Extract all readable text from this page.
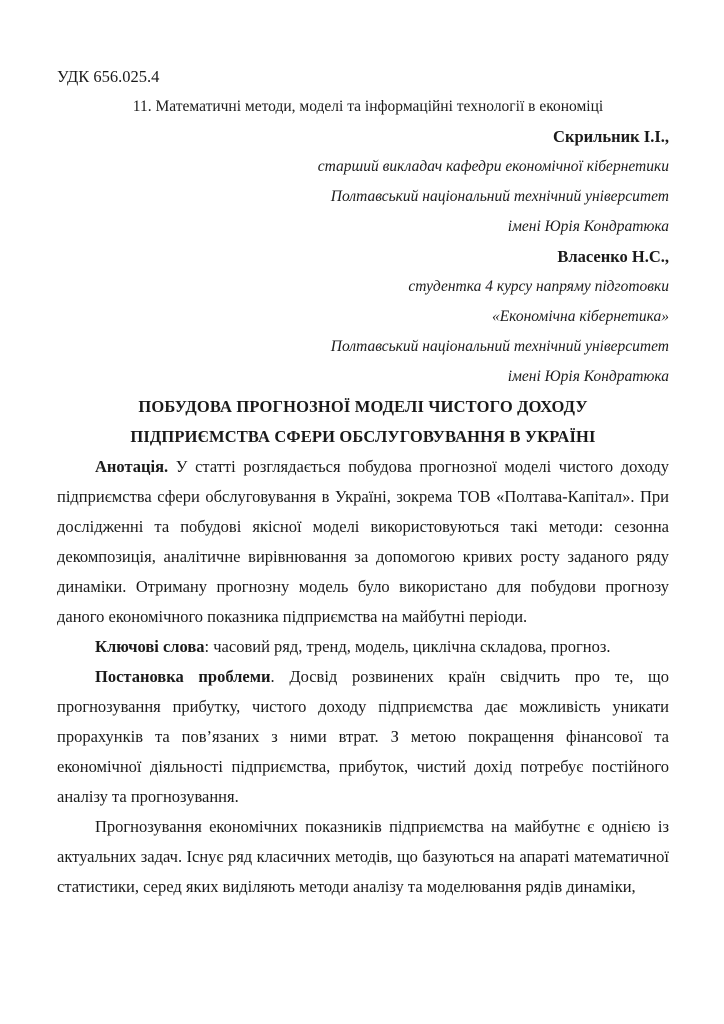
УДК 656.025.4
11. Математичні методи, моделі та інформаційні технології в економіці
Скрильник І.І.,
старший викладач кафедри економічної кібернетики
Полтавський національний технічний університет
імені Юрія Кондратюка
Власенко Н.С.,
студентка 4 курсу напряму підготовки
«Економічна кібернетика»
Полтавський національний технічний університет
імені Юрія Кондратюка
ПОБУДОВА ПРОГНОЗНОЇ МОДЕЛІ ЧИСТОГО ДОХОДУ
ПІДПРИЄМСТВА СФЕРИ ОБСЛУГОВУВАННЯ В УКРАЇНІ

Анотація. У статті розглядається побудова прогнозної моделі чистого доходу підприємства сфери обслуговування в Україні, зокрема ТОВ «Полтава-Капітал». При дослідженні та побудові якісної моделі використовуються такі методи: сезонна декомпозиція, аналітичне вирівнювання за допомогою кривих росту заданого ряду динаміки. Отриману прогнозну модель було використано для побудови прогнозу даного економічного показника підприємства на майбутні періоди.

Ключові слова: часовий ряд, тренд, модель, циклічна складова, прогноз.

Постановка проблеми. Досвід розвинених країн свідчить про те, що прогнозування прибутку, чистого доходу підприємства дає можливість уникати прорахунків та пов’язаних з ними втрат. З метою покращення фінансової та економічної діяльності підприємства, прибуток, чистий дохід потребує постійного аналізу та прогнозування.

Прогнозування економічних показників підприємства на майбутнє є однією із актуальних задач. Існує ряд класичних методів, що базуються на апараті математичної статистики, серед яких виділяють методи аналізу та моделювання рядів динаміки,
